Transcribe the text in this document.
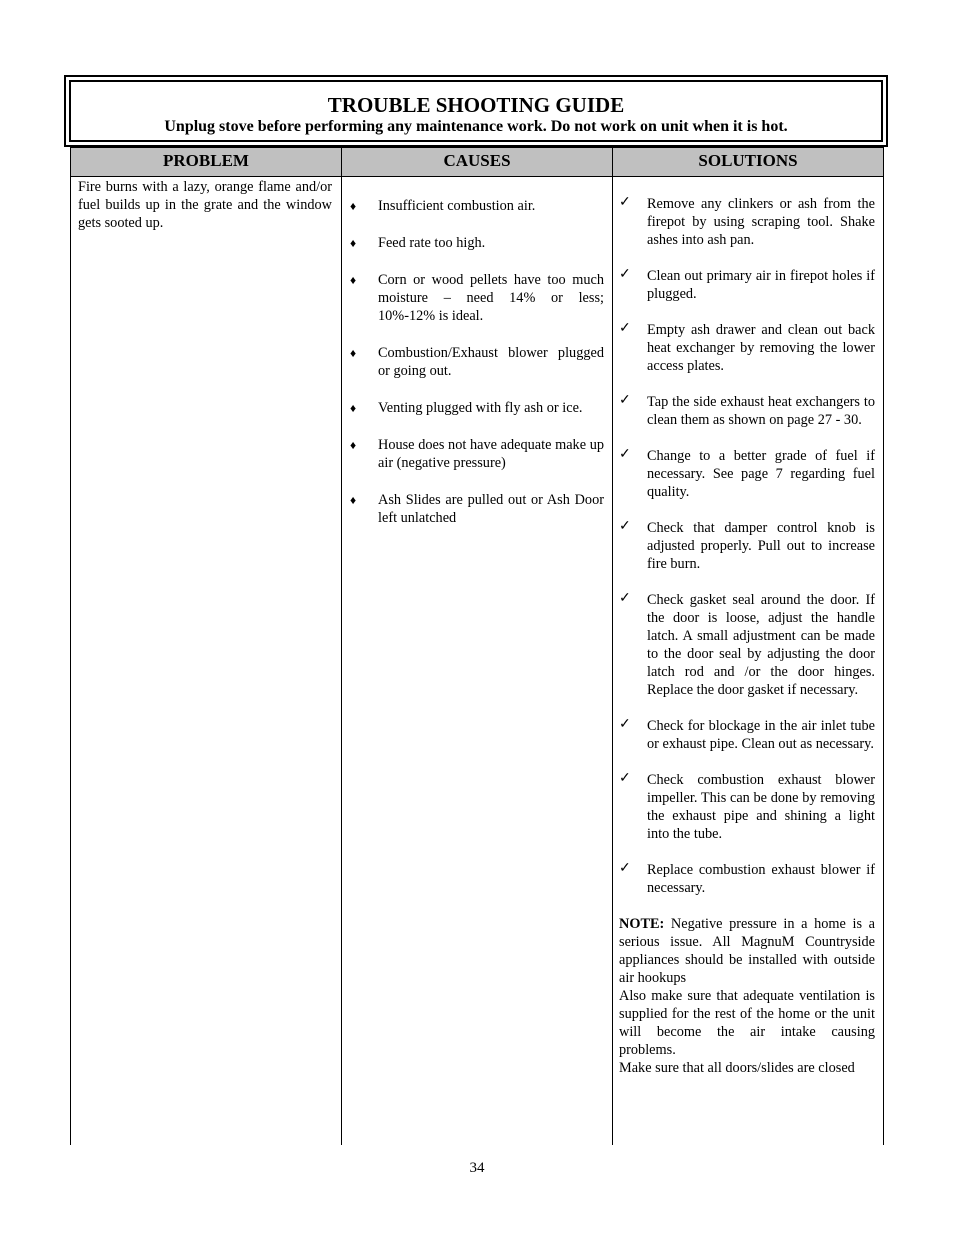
TROUBLE SHOOTING GUIDE
Unplug stove before performing any maintenance work. Do not work on unit when it is hot.
PROBLEM	CAUSES	SOLUTIONS
Fire burns with a lazy, orange flame and/or fuel builds up in the grate and the window gets sooted up.
♦ Insufficient combustion air.
♦ Feed rate too high.
♦ Corn or wood pellets have too much moisture – need 14% or less; 10%-12% is ideal.
♦ Combustion/Exhaust blower plugged or going out.
♦ Venting plugged with fly ash or ice.
♦ House does not have adequate make up air (negative pressure)
♦ Ash Slides are pulled out or Ash Door left unlatched
✓ Remove any clinkers or ash from the firepot by using scraping tool. Shake ashes into ash pan.
✓ Clean out primary air in firepot holes if plugged.
✓ Empty ash drawer and clean out back heat exchanger by removing the lower access plates.
✓ Tap the side exhaust heat exchangers to clean them as shown on page 27 - 30.
✓ Change to a better grade of fuel if necessary. See page 7 regarding fuel quality.
✓ Check that damper control knob is adjusted properly. Pull out to increase fire burn.
✓ Check gasket seal around the door. If the door is loose, adjust the handle latch. A small adjustment can be made to the door seal by adjusting the door latch rod and /or the door hinges. Replace the door gasket if necessary.
✓ Check for blockage in the air inlet tube or exhaust pipe. Clean out as necessary.
✓ Check combustion exhaust blower impeller. This can be done by removing the exhaust pipe and shining a light into the tube.
✓ Replace combustion exhaust blower if necessary.

NOTE: Negative pressure in a home is a serious issue. All MagnuM Countryside appliances should be installed with outside air hookups

Also make sure that adequate ventilation is supplied for the rest of the home or the unit will become the air intake causing problems.

Make sure that all doors/slides are closed

34
